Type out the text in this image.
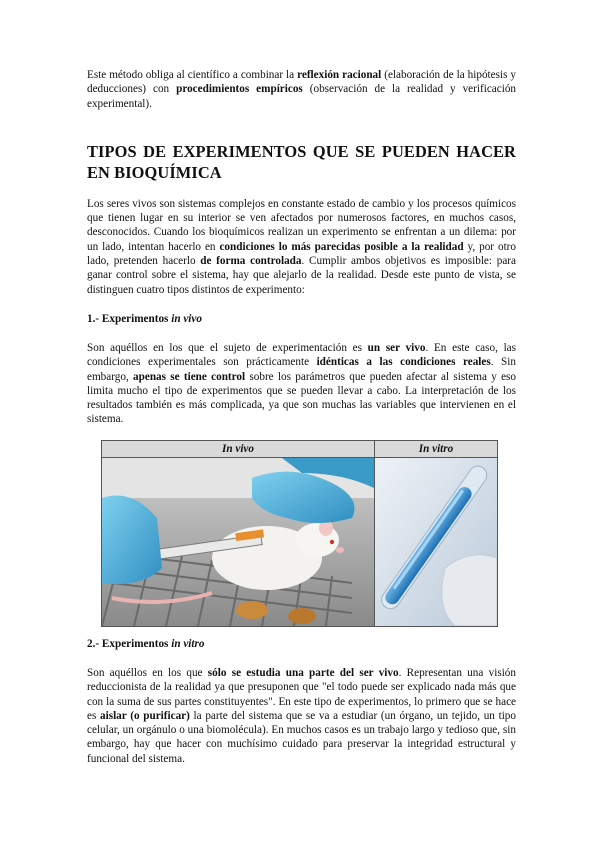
Este método obliga al científico a combinar la reflexión racional (elaboración de la hipótesis y deducciones) con procedimientos empíricos (observación de la realidad y verificación experimental).

TIPOS DE EXPERIMENTOS QUE SE PUEDEN HACER EN BIOQUÍMICA

Los seres vivos son sistemas complejos en constante estado de cambio y los procesos químicos que tienen lugar en su interior se ven afectados por numerosos factores, en muchos casos, desconocidos. Cuando los bioquímicos realizan un experimento se enfrentan a un dilema: por un lado, intentan hacerlo en condiciones lo más parecidas posible a la realidad y, por otro lado, pretenden hacerlo de forma controlada. Cumplir ambos objetivos es imposible: para ganar control sobre el sistema, hay que alejarlo de la realidad. Desde este punto de vista, se distinguen cuatro tipos distintos de experimento:

1.- Experimentos in vivo

Son aquéllos en los que el sujeto de experimentación es un ser vivo. En este caso, las condiciones experimentales son prácticamente idénticas a las condiciones reales. Sin embargo, apenas se tiene control sobre los parámetros que pueden afectar al sistema y eso limita mucho el tipo de experimentos que se pueden llevar a cabo. La interpretación de los resultados también es más complicada, ya que son muchas las variables que intervienen en el sistema.

In vivo	In vitro
2.- Experimentos in vitro

Son aquéllos en los que sólo se estudia una parte del ser vivo. Representan una visión reduccionista de la realidad ya que presuponen que "el todo puede ser explicado nada más que con la suma de sus partes constituyentes". En este tipo de experimentos, lo primero que se hace es aislar (o purificar) la parte del sistema que se va a estudiar (un órgano, un tejido, un tipo celular, un orgánulo o una biomolécula). En muchos casos es un trabajo largo y tedioso que, sin embargo, hay que hacer con muchísimo cuidado para preservar la integridad estructural y funcional del sistema.
